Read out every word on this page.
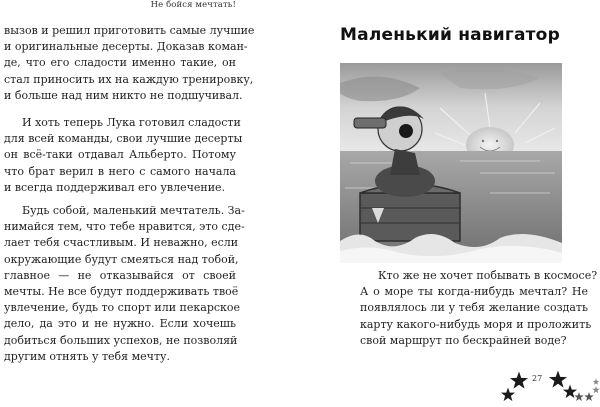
Не бойся мечтать!

вызов и решил приготовить самые лучшие
и оригинальные десерты. Доказав коман-
де, что его сладости именно такие, он
стал приносить их на каждую тренировку,
и больше над ним никто не подшучивал.

И хоть теперь Лука готовил сладости
для всей команды, свои лучшие десерты
он всё-таки отдавал Альберто. Потому
что брат верил в него с самого начала
и всегда поддерживал его увлечение.

Будь собой, маленький мечтатель. За-
нимайся тем, что тебе нравится, это сде-
лает тебя счастливым. И неважно, если
окружающие будут смеяться над тобой,
главное — не отказывайся от своей
мечты. Не все будут поддерживать твоё
увлечение, будь то спорт или пекарское
дело, да это и не нужно. Если хочешь
добиться больших успехов, не позволяй
другим отнять у тебя мечту.

Маленький навигатор

Кто же не хочет побывать в космосе?
А о море ты когда-нибудь мечтал? Не
появлялось ли у тебя желание создать
карту какого-нибудь моря и проложить
свой маршрут по бескрайней воде?

27
